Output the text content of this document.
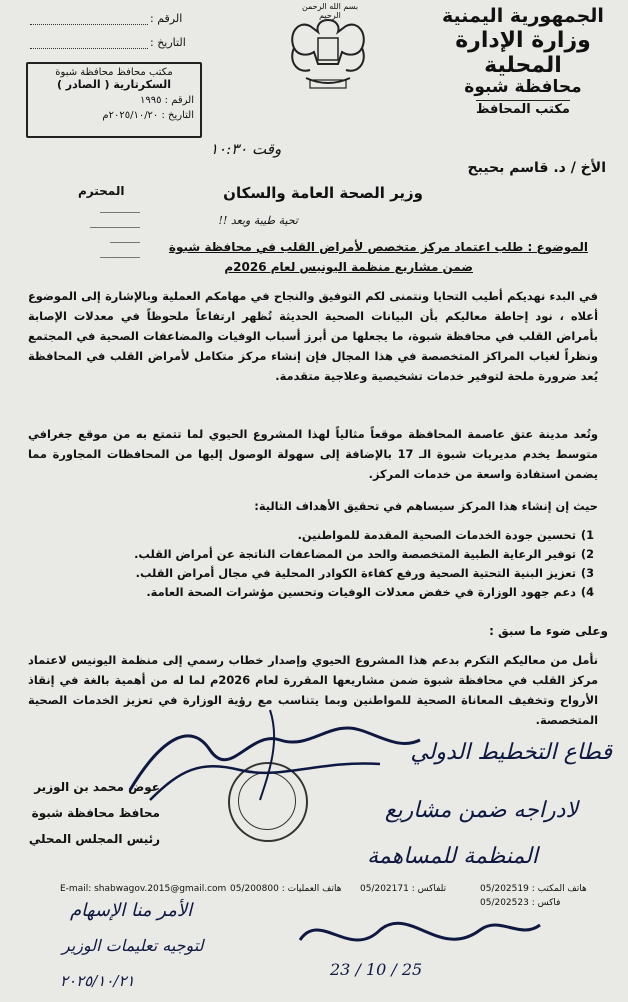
الجمهورية اليمنية
وزارة الإدارة المحلية
محافظة شبوة
مكتب المحافظ
بسم الله الرحمن الرحيم
الرقم :
التاريخ :
مكتب محافظ محافظة شبوة
السكرتارية ( الصادر )
الرقم : ١٩٩٥
التاريخ : ٢٠٢٥/١٠/٢٠م
وقت ١٠:٣٠
الأخ / د. قاسم بحيبح
وزير الصحة العامة والسكان
المحترم
تحية طيبة وبعد !!
――――
―――――
―――
――――
الموضوع : طلب اعتماد مركز متخصص لأمراض القلب في محافظة شبوة
ضمن مشاريع منظمة اليونيس لعام 2026م
في البدء نهديكم أطيب التحايا ونتمنى لكم التوفيق والنجاح في مهامكم العملية وبالإشارة إلى الموضوع أعلاه ، نود إحاطة معاليكم بأن البيانات الصحية الحديثة تُظهر ارتفاعاً ملحوظاً في معدلات الإصابة بأمراض القلب في محافظة شبوة، ما يجعلها من أبرز أسباب الوفيات والمضاعفات الصحية في المجتمع ونظراً لغياب المراكز المتخصصة في هذا المجال فإن إنشاء مركز متكامل لأمراض القلب في المحافظة يُعد ضرورة ملحة لتوفير خدمات تشخيصية وعلاجية متقدمة.
وتُعد مدينة عتق عاصمة المحافظة موقعاً مثالياً لهذا المشروع الحيوي لما تتمتع به من موقع جغرافي متوسط يخدم مديريات شبوة الـ 17 بالإضافة إلى سهولة الوصول إليها من المحافظات المجاورة مما يضمن استفادة واسعة من خدمات المركز.
حيث إن إنشاء هذا المركز سيساهم في تحقيق الأهداف التالية:
1)تحسين جودة الخدمات الصحية المقدمة للمواطنين.
2)توفير الرعاية الطبية المتخصصة والحد من المضاعفات الناتجة عن أمراض القلب.
3)تعزيز البنية التحتية الصحية ورفع كفاءة الكوادر المحلية في مجال أمراض القلب.
4)دعم جهود الوزارة في خفض معدلات الوفيات وتحسين مؤشرات الصحة العامة.
وعلى ضوء ما سبق :
نأمل من معاليكم التكرم بدعم هذا المشروع الحيوي وإصدار خطاب رسمي إلى منظمة اليونيس لاعتماد مركز القلب في محافظة شبوة ضمن مشاريعها المقررة لعام 2026م لما له من أهمية بالغة في إنقاذ الأرواح وتخفيف المعاناة الصحية للمواطنين وبما يتناسب مع رؤية الوزارة في تعزيز الخدمات الصحية المتخصصة.
عوض محمد بن الوزير
محافظ محافظة شبوة
رئيس المجلس المحلي
قطاع التخطيط الدولي
لادراجه ضمن مشاريع
المنظمة للمساهمة
E-mail: shabwagov.2015@gmail.com هاتف العمليات : 05/200800 تلفاكس : 05/202171	هاتف المكتب : 05/202519
فاكس : 05/202523
الأمر منا الإسهام
لتوجيه تعليمات الوزير
٢٠٢٥/١٠/٢١
23 / 10 / 25
